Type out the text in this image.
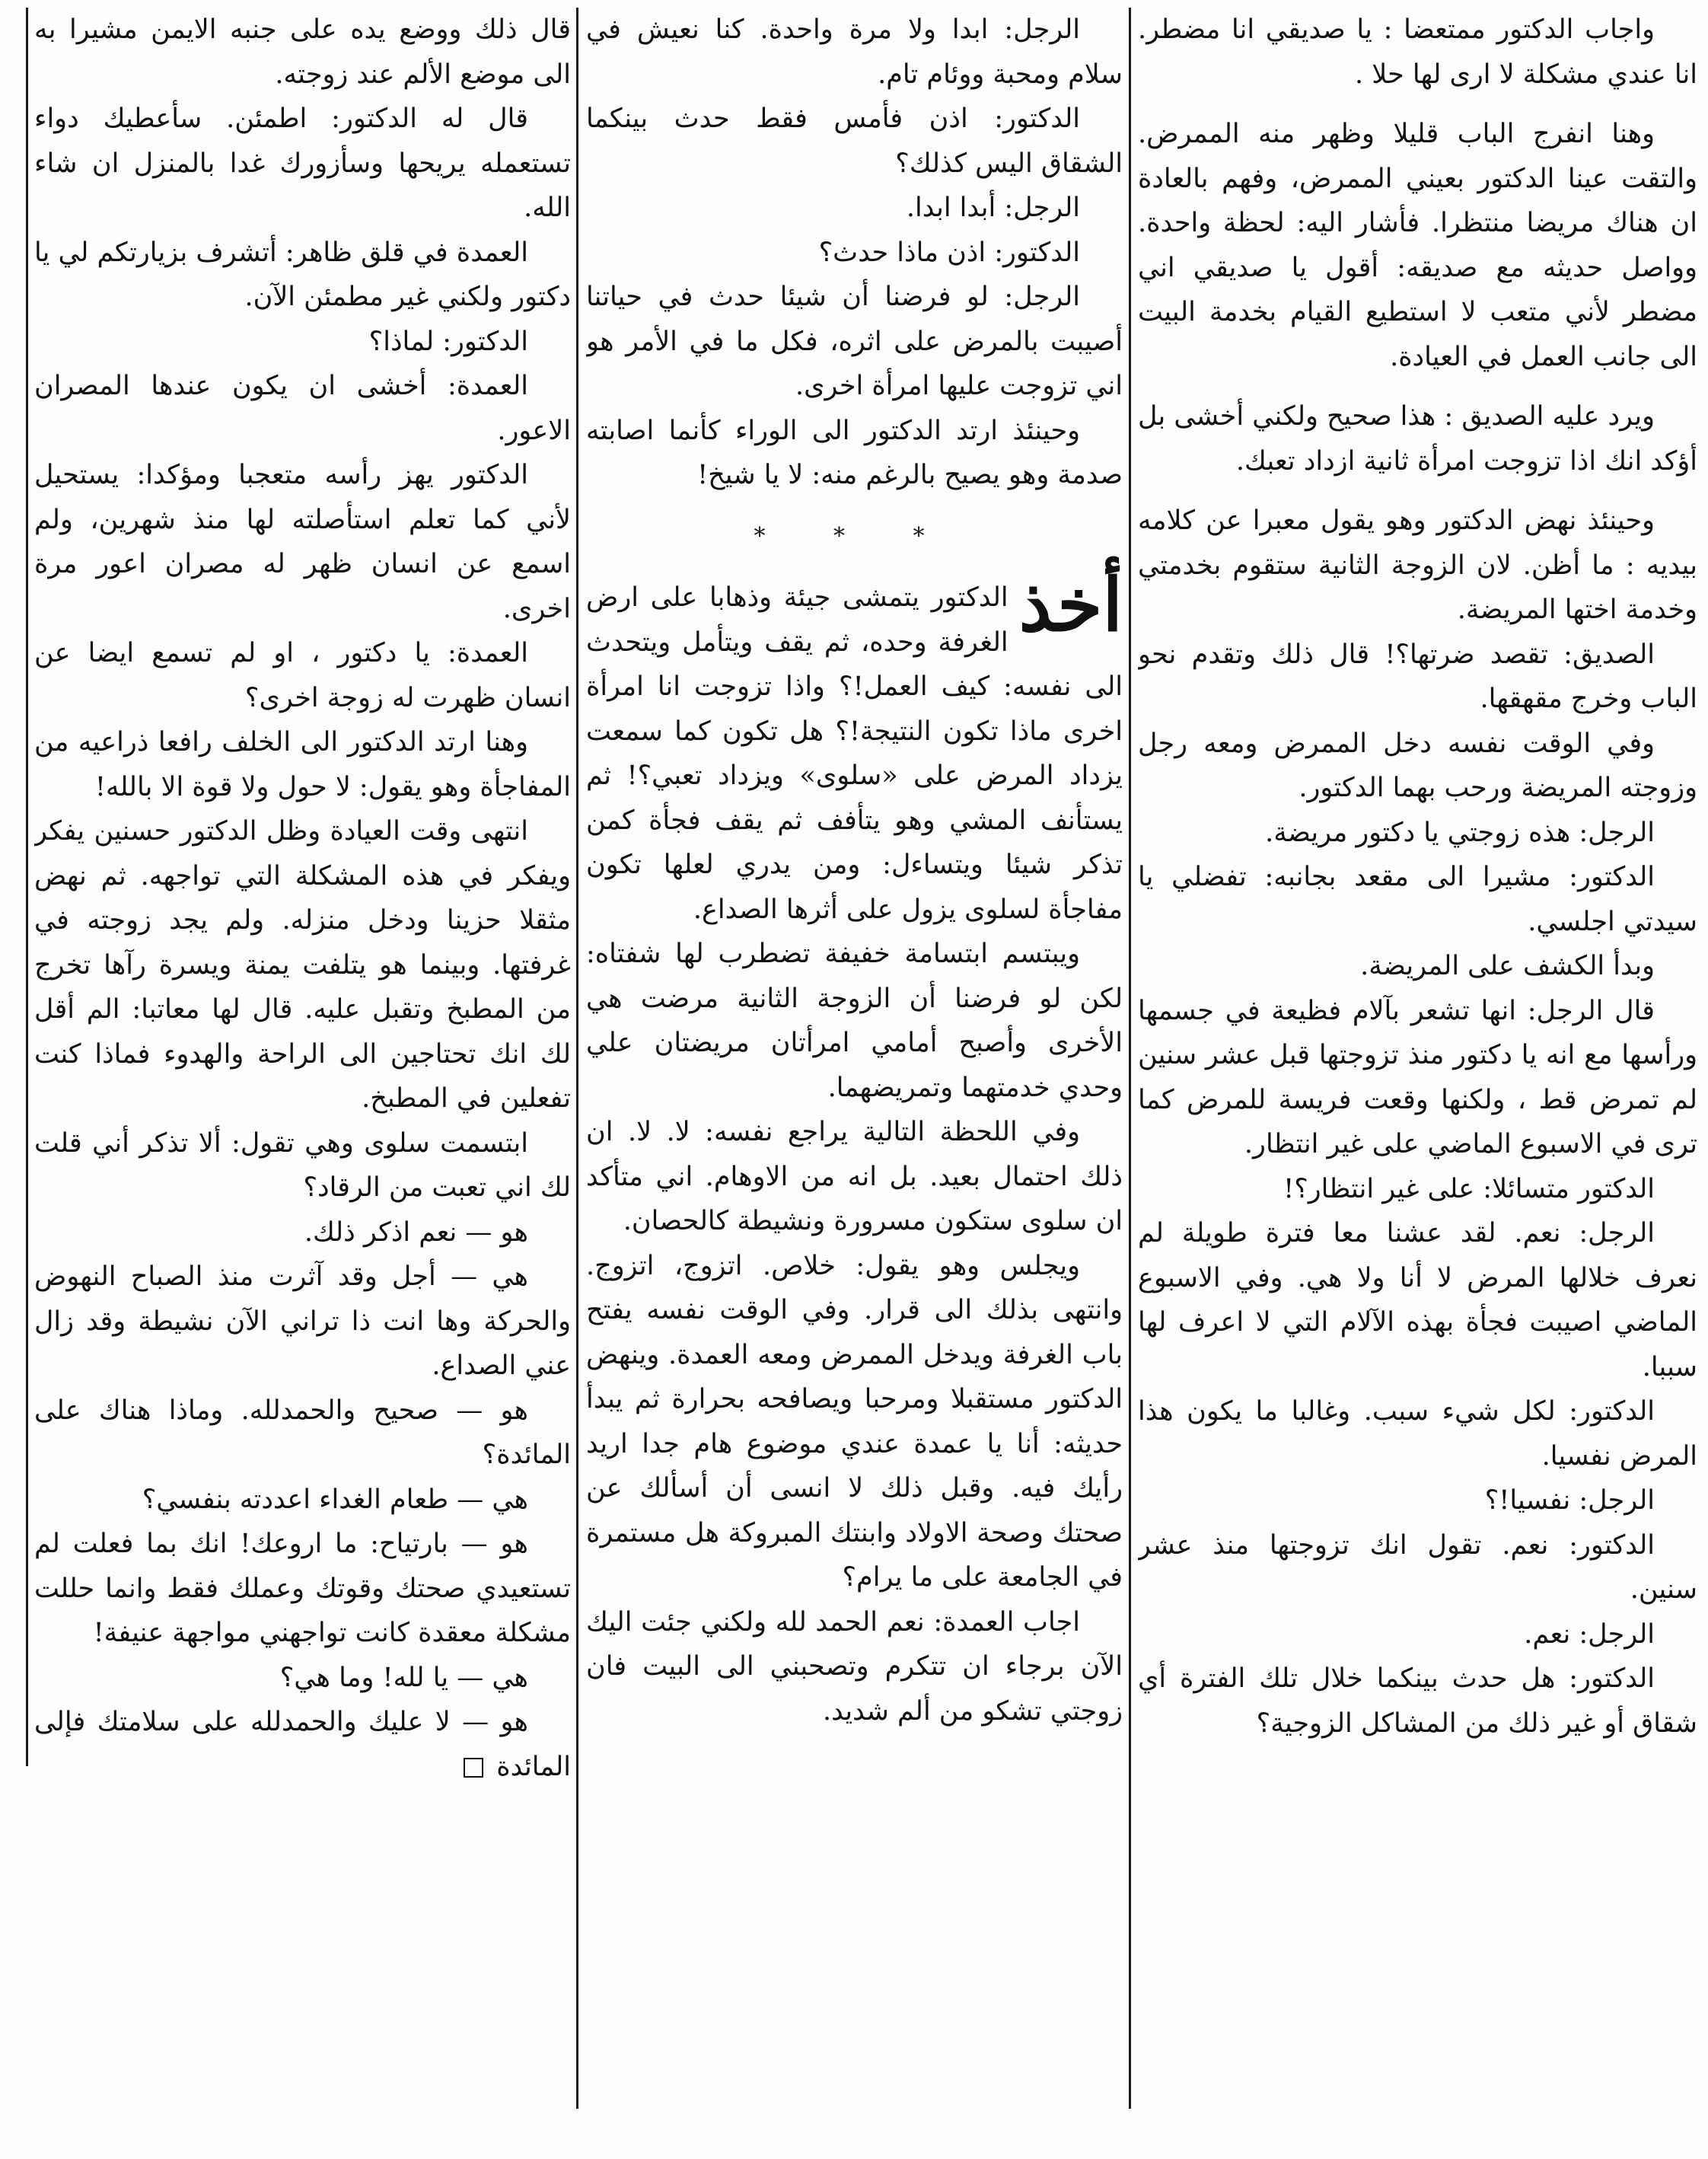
واجاب الدكتور ممتعضا : يا صديقي انا مضطر. انا عندي مشكلة لا ارى لها حلا .

وهنا انفرج الباب قليلا وظهر منه الممرض. والتقت عينا الدكتور بعيني الممرض، وفهم بالعادة ان هناك مريضا منتظرا. فأشار اليه: لحظة واحدة. وواصل حديثه مع صديقه: أقول يا صديقي اني مضطر لأني متعب لا استطيع القيام بخدمة البيت الى جانب العمل في العيادة.

ويرد عليه الصديق : هذا صحيح ولكني أخشى بل أؤكد انك اذا تزوجت امرأة ثانية ازداد تعبك.

وحينئذ نهض الدكتور وهو يقول معبرا عن كلامه بيديه : ما أظن. لان الزوجة الثانية ستقوم بخدمتي وخدمة اختها المريضة.

الصديق: تقصد ضرتها؟! قال ذلك وتقدم نحو الباب وخرج مقهقها.

وفي الوقت نفسه دخل الممرض ومعه رجل وزوجته المريضة ورحب بهما الدكتور.

الرجل: هذه زوجتي يا دكتور مريضة.

الدكتور: مشيرا الى مقعد بجانبه: تفضلي يا سيدتي اجلسي.

وبدأ الكشف على المريضة.

قال الرجل: انها تشعر بآلام فظيعة في جسمها ورأسها مع انه يا دكتور منذ تزوجتها قبل عشر سنين لم تمرض قط ، ولكنها وقعت فريسة للمرض كما ترى في الاسبوع الماضي على غير انتظار.

الدكتور متسائلا: على غير انتظار؟!

الرجل: نعم. لقد عشنا معا فترة طويلة لم نعرف خلالها المرض لا أنا ولا هي. وفي الاسبوع الماضي اصيبت فجأة بهذه الآلام التي لا اعرف لها سببا.

الدكتور: لكل شيء سبب. وغالبا ما يكون هذا المرض نفسيا.

الرجل: نفسيا!؟

الدكتور: نعم. تقول انك تزوجتها منذ عشر سنين.

الرجل: نعم.

الدكتور: هل حدث بينكما خلال تلك الفترة أي شقاق أو غير ذلك من المشاكل الزوجية؟

الرجل: ابدا ولا مرة واحدة. كنا نعيش في سلام ومحبة ووئام تام.

الدكتور: اذن فأمس فقط حدث بينكما الشقاق اليس كذلك؟

الرجل: أبدا ابدا.

الدكتور: اذن ماذا حدث؟

الرجل: لو فرضنا أن شيئا حدث في حياتنا أصيبت بالمرض على اثره، فكل ما في الأمر هو اني تزوجت عليها امرأة اخرى.

وحينئذ ارتد الدكتور الى الوراء كأنما اصابته صدمة وهو يصيح بالرغم منه: لا يا شيخ!

* * *

أخذ
الدكتور يتمشى جيئة وذهابا على ارض الغرفة وحده، ثم يقف ويتأمل ويتحدث الى نفسه: كيف العمل!؟ واذا تزوجت انا امرأة اخرى ماذا تكون النتيجة!؟ هل تكون كما سمعت يزداد المرض على «سلوى» ويزداد تعبي؟! ثم يستأنف المشي وهو يتأفف ثم يقف فجأة كمن تذكر شيئا ويتساءل: ومن يدري لعلها تكون مفاجأة لسلوى يزول على أثرها الصداع.

ويبتسم ابتسامة خفيفة تضطرب لها شفتاه: لكن لو فرضنا أن الزوجة الثانية مرضت هي الأخرى وأصبح أمامي امرأتان مريضتان علي وحدي خدمتهما وتمريضهما.

وفي اللحظة التالية يراجع نفسه: لا. لا. ان ذلك احتمال بعيد. بل انه من الاوهام. اني متأكد ان سلوى ستكون مسرورة ونشيطة كالحصان.

ويجلس وهو يقول: خلاص. اتزوج، اتزوج. وانتهى بذلك الى قرار. وفي الوقت نفسه يفتح باب الغرفة ويدخل الممرض ومعه العمدة. وينهض الدكتور مستقبلا ومرحبا ويصافحه بحرارة ثم يبدأ حديثه: أنا يا عمدة عندي موضوع هام جدا اريد رأيك فيه. وقبل ذلك لا انسى أن أسألك عن صحتك وصحة الاولاد وابنتك المبروكة هل مستمرة في الجامعة على ما يرام؟

اجاب العمدة: نعم الحمد لله ولكني جئت اليك الآن برجاء ان تتكرم وتصحبني الى البيت فان زوجتي تشكو من ألم شديد.

قال ذلك ووضع يده على جنبه الايمن مشيرا به الى موضع الألم عند زوجته.

قال له الدكتور: اطمئن. سأعطيك دواء تستعمله يريحها وسأزورك غدا بالمنزل ان شاء الله.

العمدة في قلق ظاهر: أتشرف بزيارتكم لي يا دكتور ولكني غير مطمئن الآن.

الدكتور: لماذا؟

العمدة: أخشى ان يكون عندها المصران الاعور.

الدكتور يهز رأسه متعجبا ومؤكدا: يستحيل لأني كما تعلم استأصلته لها منذ شهرين، ولم اسمع عن انسان ظهر له مصران اعور مرة اخرى.

العمدة: يا دكتور ، او لم تسمع ايضا عن انسان ظهرت له زوجة اخرى؟

وهنا ارتد الدكتور الى الخلف رافعا ذراعيه من المفاجأة وهو يقول: لا حول ولا قوة الا بالله!

انتهى وقت العيادة وظل الدكتور حسنين يفكر ويفكر في هذه المشكلة التي تواجهه. ثم نهض مثقلا حزينا ودخل منزله. ولم يجد زوجته في غرفتها. وبينما هو يتلفت يمنة ويسرة رآها تخرج من المطبخ وتقبل عليه. قال لها معاتبا: الم أقل لك انك تحتاجين الى الراحة والهدوء فماذا كنت تفعلين في المطبخ.

ابتسمت سلوى وهي تقول: ألا تذكر أني قلت لك اني تعبت من الرقاد؟

هو — نعم اذكر ذلك.

هي — أجل وقد آثرت منذ الصباح النهوض والحركة وها انت ذا تراني الآن نشيطة وقد زال عني الصداع.

هو — صحيح والحمدلله. وماذا هناك على المائدة؟

هي — طعام الغداء اعددته بنفسي؟

هو — بارتياح: ما اروعك! انك بما فعلت لم تستعيدي صحتك وقوتك وعملك فقط وانما حللت مشكلة معقدة كانت تواجهني مواجهة عنيفة!

هي — يا لله! وما هي؟

هو — لا عليك والحمدلله على سلامتك فإلى المائدة
